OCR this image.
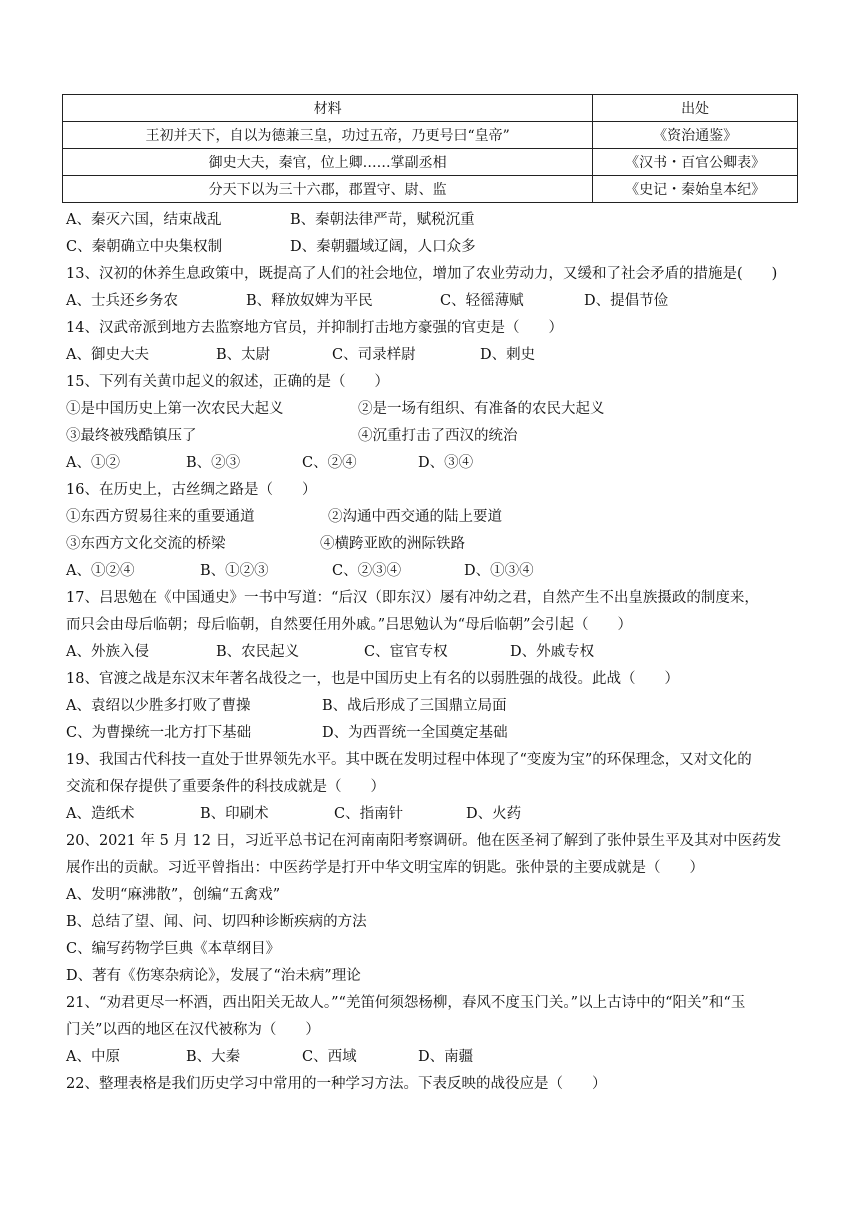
材料	出处
王初并天下，自以为德兼三皇，功过五帝，乃更号曰“皇帝”	《资治通鉴》
御史大夫，秦官，位上卿……掌副丞相	《汉书・百官公卿表》
分天下以为三十六郡，郡置守、尉、监	《史记・秦始皇本纪》
A、秦灭六国，结束战乱	B、秦朝法律严苛，赋税沉重
C、秦朝确立中央集权制	D、秦朝疆域辽阔，人口众多
13、汉初的休养生息政策中，既提高了人们的社会地位，增加了农业劳动力，又缓和了社会矛盾的措施是(　　)
A、士兵还乡务农	B、释放奴婢为平民	C、轻徭薄赋	D、提倡节俭
14、汉武帝派到地方去监察地方官员，并抑制打击地方豪强的官吏是（　　）
A、御史大夫	B、太尉	C、司录样尉	D、刺史
15、下列有关黄巾起义的叙述，正确的是（　　）
①是中国历史上第一次农民大起义	②是一场有组织、有准备的农民大起义
③最终被残酷镇压了	④沉重打击了西汉的统治
A、①②	B、②③	C、②④	D、③④
16、在历史上，古丝绸之路是（　　）
①东西方贸易往来的重要通道	②沟通中西交通的陆上要道
③东西方文化交流的桥梁	④横跨亚欧的洲际铁路
A、①②④	B、①②③	C、②③④	D、①③④
17、吕思勉在《中国通史》一书中写道：“后汉（即东汉）屡有冲幼之君，自然产生不出皇族摄政的制度来，
而只会由母后临朝；母后临朝，自然要任用外戚。”吕思勉认为“母后临朝”会引起（　　）
A、外族入侵	B、农民起义	C、宦官专权	D、外戚专权
18、官渡之战是东汉末年著名战役之一，也是中国历史上有名的以弱胜强的战役。此战（　　）
A、袁绍以少胜多打败了曹操	B、战后形成了三国鼎立局面
C、为曹操统一北方打下基础	D、为西晋统一全国奠定基础
19、我国古代科技一直处于世界领先水平。其中既在发明过程中体现了“变废为宝”的环保理念，又对文化的
交流和保存提供了重要条件的科技成就是（　　）
A、造纸术	B、印刷术	C、指南针	D、火药
20、2021 年 5 月 12 日，习近平总书记在河南南阳考察调研。他在医圣祠了解到了张仲景生平及其对中医药发
展作出的贡献。习近平曾指出：中医药学是打开中华文明宝库的钥匙。张仲景的主要成就是（　　）
A、发明“麻沸散”，创编“五禽戏”
B、总结了望、闻、问、切四种诊断疾病的方法
C、编写药物学巨典《本草纲目》
D、著有《伤寒杂病论》，发展了“治未病”理论
21、“劝君更尽一杯酒，西出阳关无故人。”“羌笛何须怨杨柳，春风不度玉门关。”以上古诗中的“阳关”和“玉
门关”以西的地区在汉代被称为（　　）
A、中原	B、大秦	C、西域	D、南疆
22、整理表格是我们历史学习中常用的一种学习方法。下表反映的战役应是（　　）
